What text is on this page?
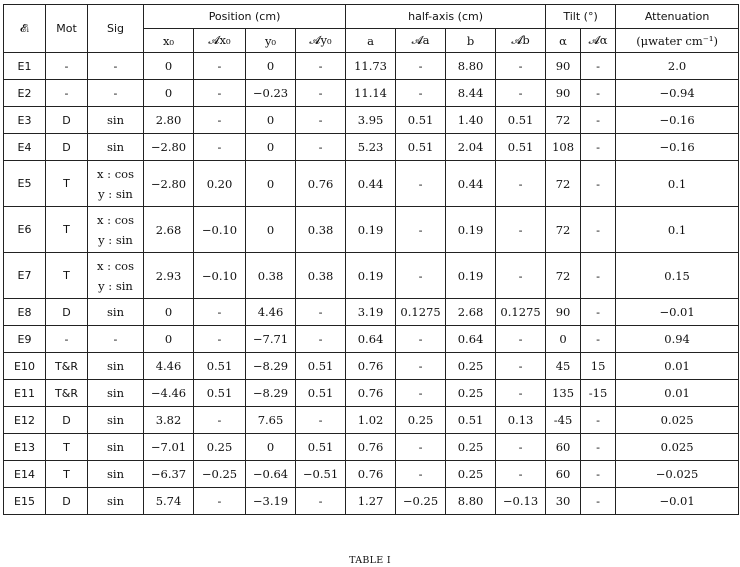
𝓔ᵢ	Mot	Sig	Position (cm)				half-axis (cm)				Tilt (°)		Attenuation
			x₀	𝓐x₀	y₀	𝓐y₀	a	𝓐a	b	𝓐b	α	𝓐α	(μwater cm⁻¹)
E1	-	-	0	-	0	-	11.73	-	8.80	-	90	-	2.0
E2	-	-	0	-	−0.23	-	11.14	-	8.44	-	90	-	−0.94
E3	D	sin	2.80	-	0	-	3.95	0.51	1.40	0.51	72	-	−0.16
E4	D	sin	−2.80	-	0	-	5.23	0.51	2.04	0.51	108	-	−0.16
E5	T	x : cos
y : sin	−2.80	0.20	0	0.76	0.44	-	0.44	-	72	-	0.1
E6	T	x : cos
y : sin	2.68	−0.10	0	0.38	0.19	-	0.19	-	72	-	0.1
E7	T	x : cos
y : sin	2.93	−0.10	0.38	0.38	0.19	-	0.19	-	72	-	0.15
E8	D	sin	0	-	4.46	-	3.19	0.1275	2.68	0.1275	90	-	−0.01
E9	-	-	0	-	−7.71	-	0.64	-	0.64	-	0	-	0.94
E10	T&R	sin	4.46	0.51	−8.29	0.51	0.76	-	0.25	-	45	15	0.01
E11	T&R	sin	−4.46	0.51	−8.29	0.51	0.76	-	0.25	-	135	-15	0.01
E12	D	sin	3.82	-	7.65	-	1.02	0.25	0.51	0.13	-45	-	0.025
E13	T	sin	−7.01	0.25	0	0.51	0.76	-	0.25	-	60	-	0.025
E14	T	sin	−6.37	−0.25	−0.64	−0.51	0.76	-	0.25	-	60	-	−0.025
E15	D	sin	5.74	-	−3.19	-	1.27	−0.25	8.80	−0.13	30	-	−0.01
TABLE I
